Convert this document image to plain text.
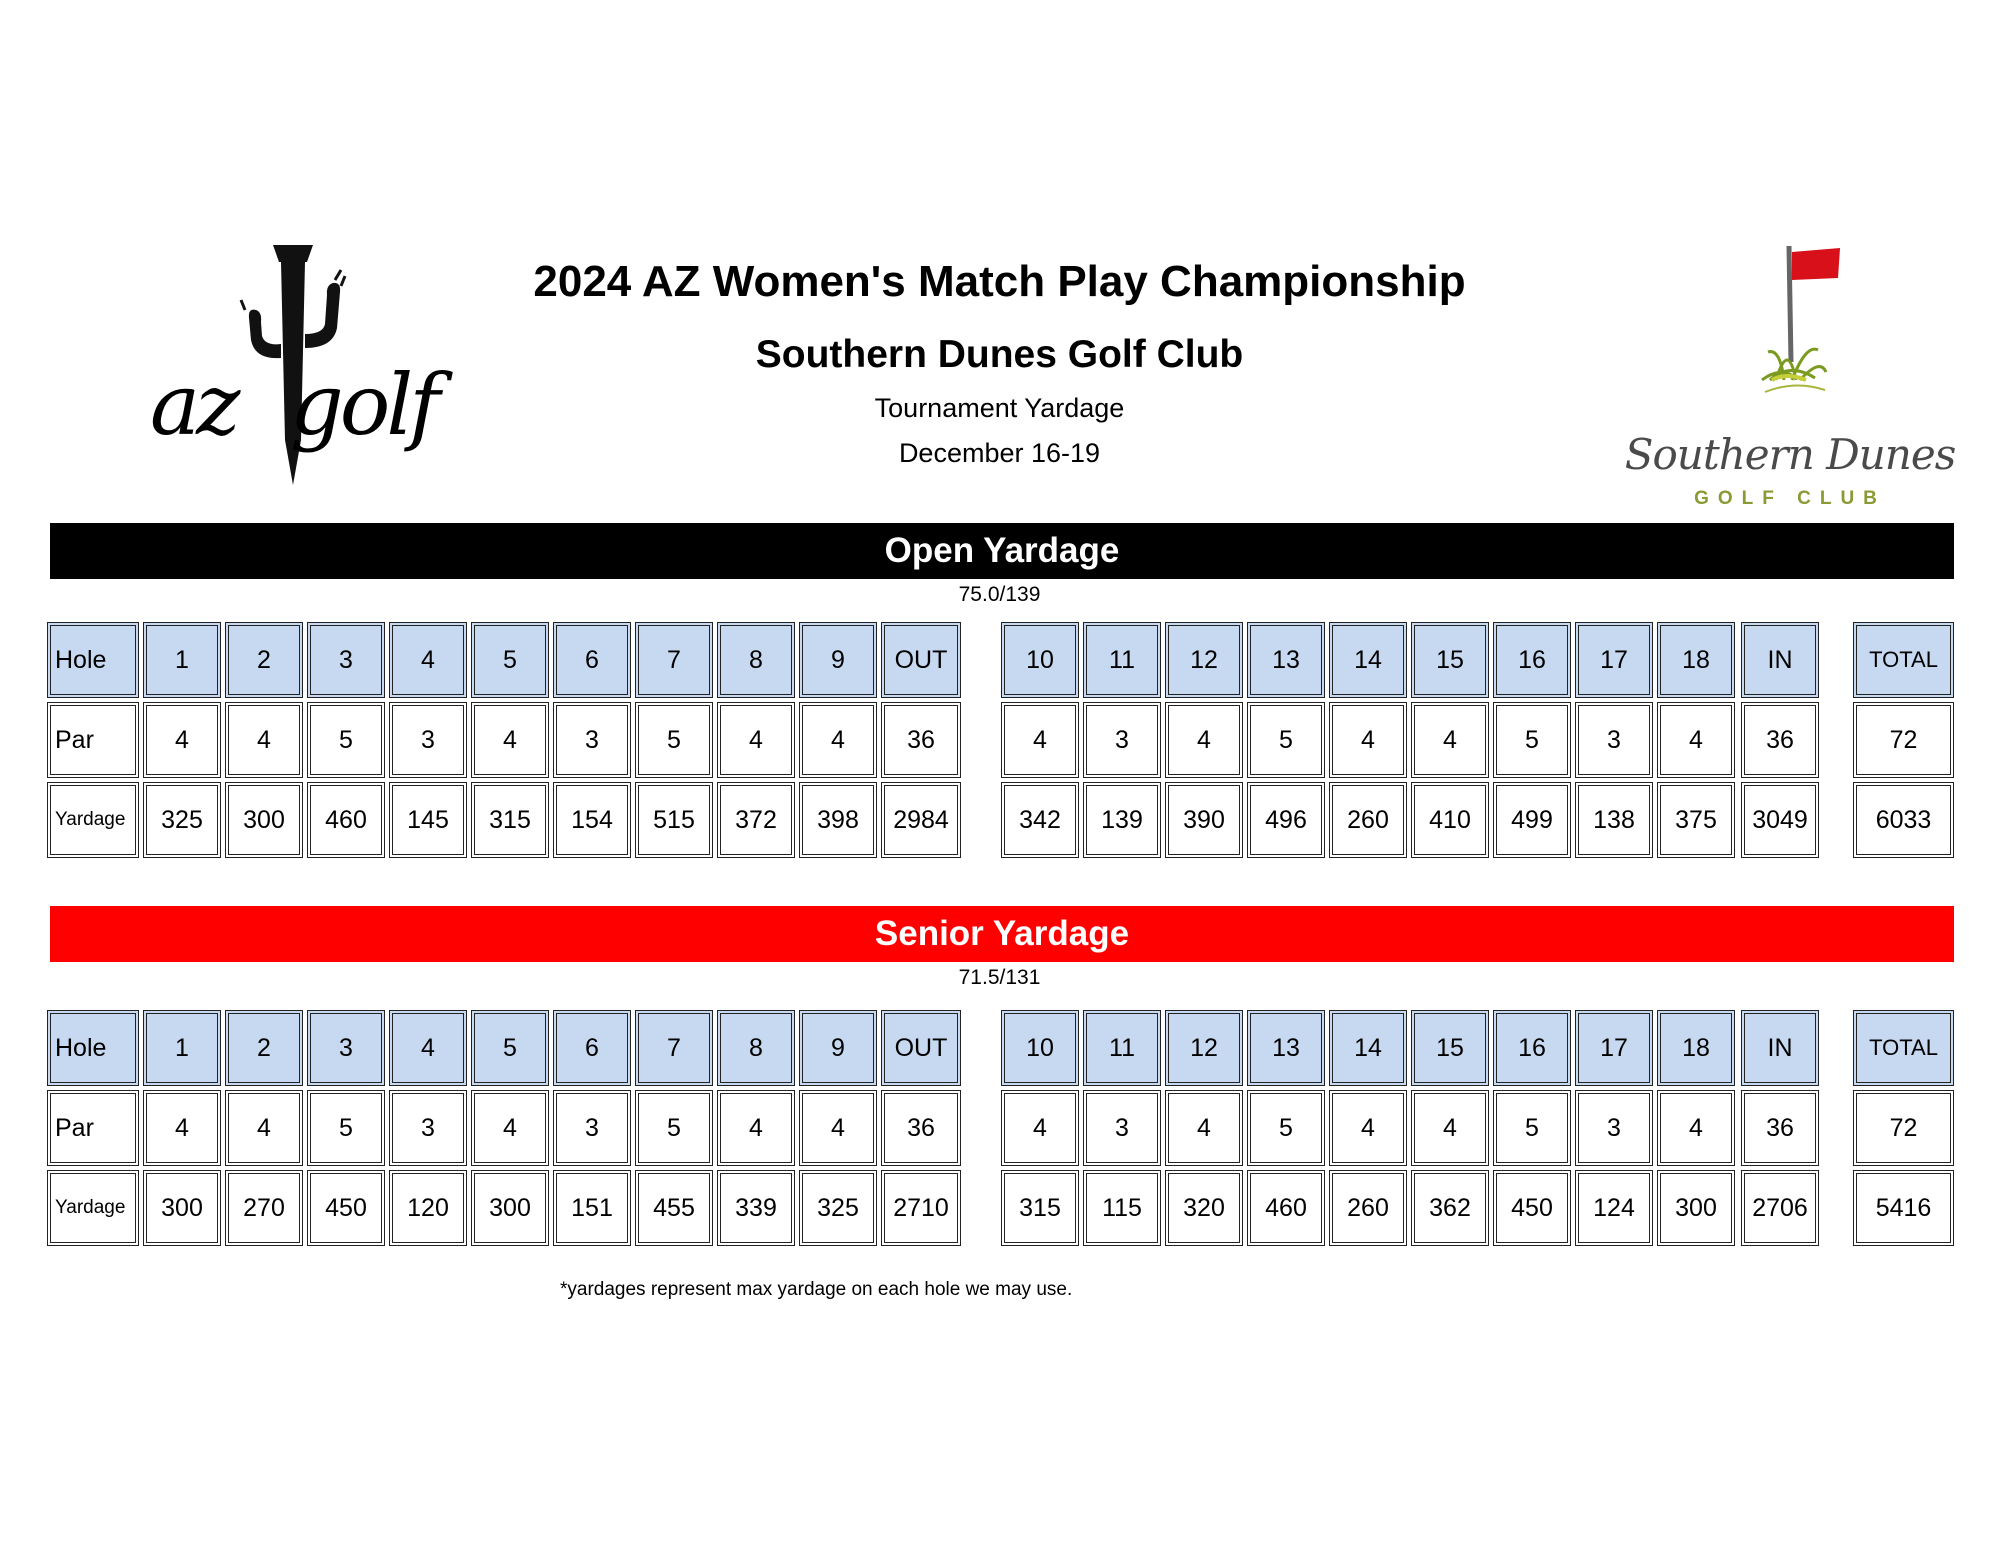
2024 AZ Women's Match Play Championship
Southern Dunes Golf Club
Tournament Yardage
December 16-19
az golf
Southern Dunes
GOLF CLUB
Open Yardage
75.0/139
Senior Yardage
71.5/131
*yardages represent max yardage on each hole we may use.
Hole	1	2	3	4	5	6	7	8	9	OUT	10	11	12	13	14	15	16	17	18	IN	TOTAL
Par	4	4	5	3	4	3	5	4	4	36	4	3	4	5	4	4	5	3	4	36	72
Yardage	325	300	460	145	315	154	515	372	398	2984	342	139	390	496	260	410	499	138	375	3049	6033
Hole	1	2	3	4	5	6	7	8	9	OUT	10	11	12	13	14	15	16	17	18	IN	TOTAL
Par	4	4	5	3	4	3	5	4	4	36	4	3	4	5	4	4	5	3	4	36	72
Yardage	300	270	450	120	300	151	455	339	325	2710	315	115	320	460	260	362	450	124	300	2706	5416
